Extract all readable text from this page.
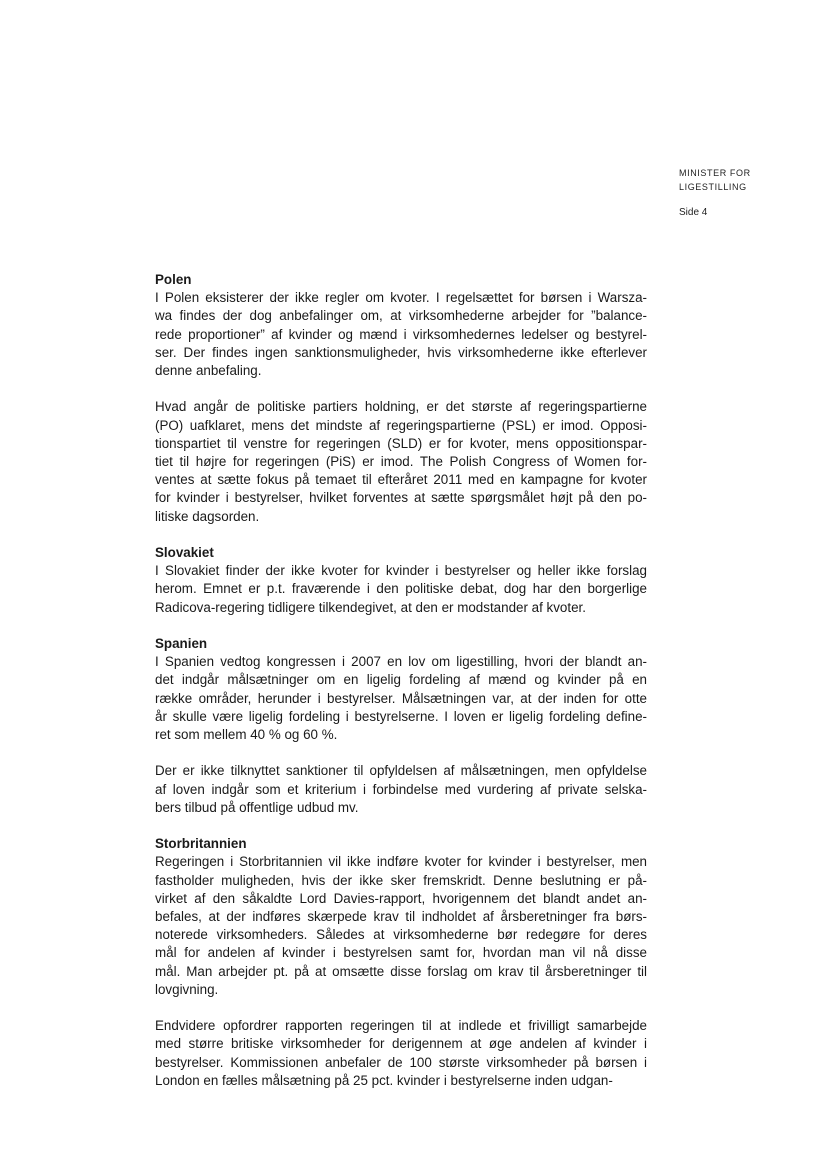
MINISTER FOR
LIGESTILLING
Side 4
Polen

I Polen eksisterer der ikke regler om kvoter. I regelsættet for børsen i Warsza-
wa findes der dog anbefalinger om, at virksomhederne arbejder for ”balance-
rede proportioner” af kvinder og mænd i virksomhedernes ledelser og bestyrel-
ser. Der findes ingen sanktionsmuligheder, hvis virksomhederne ikke efterlever
denne anbefaling.

Hvad angår de politiske partiers holdning, er det største af regeringspartierne
(PO) uafklaret, mens det mindste af regeringspartierne (PSL) er imod. Opposi-
tionspartiet til venstre for regeringen (SLD) er for kvoter, mens oppositionspar-
tiet til højre for regeringen (PiS) er imod. The Polish Congress of Women for-
ventes at sætte fokus på temaet til efteråret 2011 med en kampagne for kvoter
for kvinder i bestyrelser, hvilket forventes at sætte spørgsmålet højt på den po-
litiske dagsorden.

Slovakiet

I Slovakiet finder der ikke kvoter for kvinder i bestyrelser og heller ikke forslag
herom. Emnet er p.t. fraværende i den politiske debat, dog har den borgerlige
Radicova-regering tidligere tilkendegivet, at den er modstander af kvoter.

Spanien

I Spanien vedtog kongressen i 2007 en lov om ligestilling, hvori der blandt an-
det indgår målsætninger om en ligelig fordeling af mænd og kvinder på en
række områder, herunder i bestyrelser. Målsætningen var, at der inden for otte
år skulle være ligelig fordeling i bestyrelserne. I loven er ligelig fordeling define-
ret som mellem 40 % og 60 %.

Der er ikke tilknyttet sanktioner til opfyldelsen af målsætningen, men opfyldelse
af loven indgår som et kriterium i forbindelse med vurdering af private selska-
bers tilbud på offentlige udbud mv.

Storbritannien

Regeringen i Storbritannien vil ikke indføre kvoter for kvinder i bestyrelser, men
fastholder muligheden, hvis der ikke sker fremskridt. Denne beslutning er på-
virket af den såkaldte Lord Davies-rapport, hvorigennem det blandt andet an-
befales, at der indføres skærpede krav til indholdet af årsberetninger fra børs-
noterede virksomheders. Således at virksomhederne bør redegøre for deres
mål for andelen af kvinder i bestyrelsen samt for, hvordan man vil nå disse
mål. Man arbejder pt. på at omsætte disse forslag om krav til årsberetninger til
lovgivning.

Endvidere opfordrer rapporten regeringen til at indlede et frivilligt samarbejde
med større britiske virksomheder for derigennem at øge andelen af kvinder i
bestyrelser. Kommissionen anbefaler de 100 største virksomheder på børsen i
London en fælles målsætning på 25 pct. kvinder i bestyrelserne inden udgan-
